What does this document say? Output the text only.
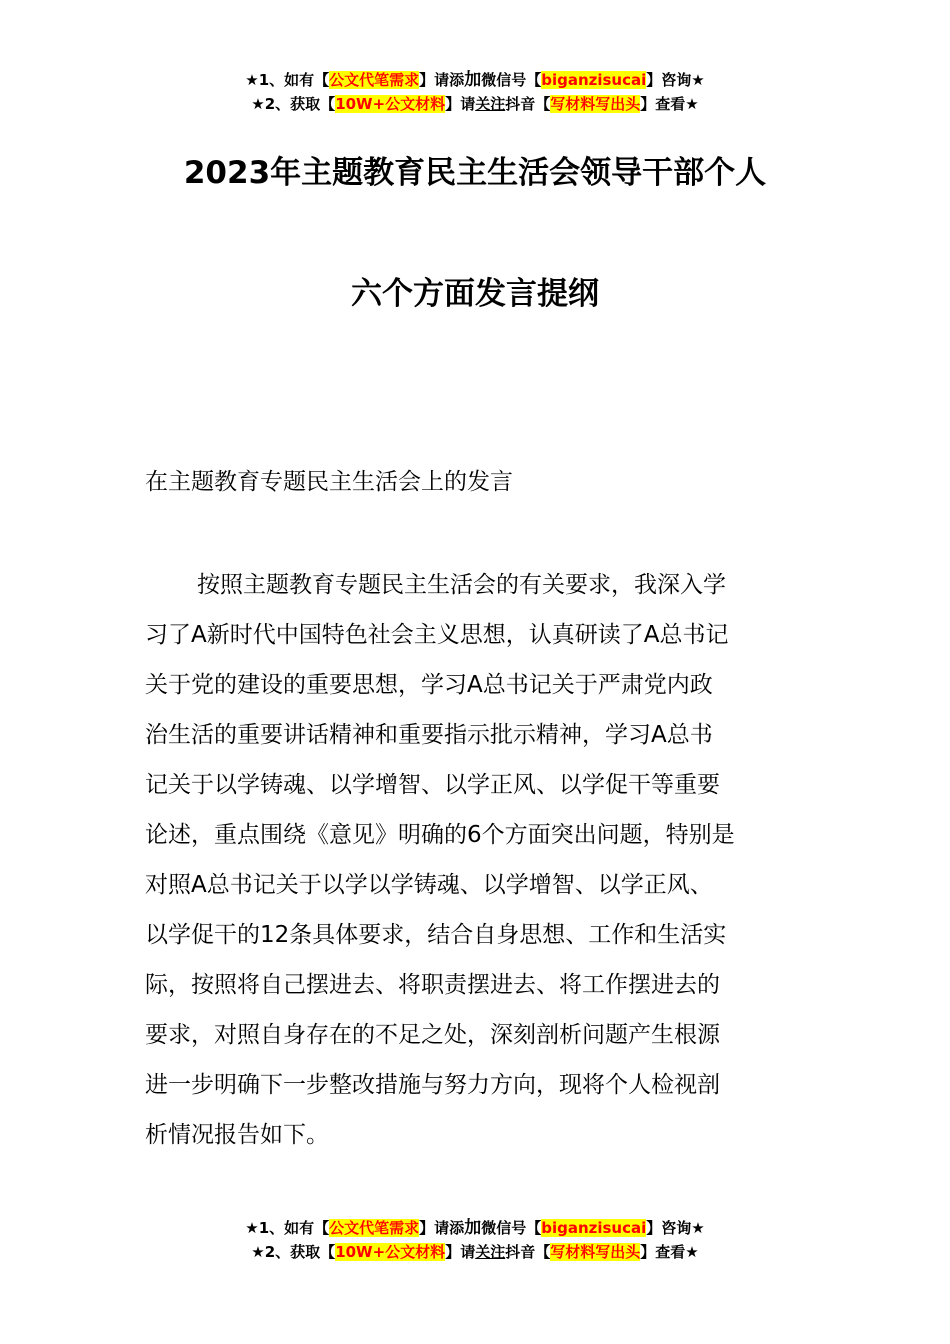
★1、如有【公文代笔需求】请添加微信号【biganzisucai】咨询★
★2、获取【10W+公文材料】请关注抖音【写材料写出头】查看★
2023年主题教育民主生活会领导干部个人
六个方面发言提纲
在主题教育专题民主生活会上的发言
按照主题教育专题民主生活会的有关要求，我深入学
习了A新时代中国特色社会主义思想，认真研读了A总书记
关于党的建设的重要思想，学习A总书记关于严肃党内政
治生活的重要讲话精神和重要指示批示精神，学习A总书
记关于以学铸魂、以学增智、以学正风、以学促干等重要
论述，重点围绕《意见》明确的6个方面突出问题，特别是
对照A总书记关于以学以学铸魂、以学增智、以学正风、
以学促干的12条具体要求，结合自身思想、工作和生活实
际，按照将自己摆进去、将职责摆进去、将工作摆进去的
要求，对照自身存在的不足之处，深刻剖析问题产生根源
进一步明确下一步整改措施与努力方向，现将个人检视剖
析情况报告如下。
★1、如有【公文代笔需求】请添加微信号【biganzisucai】咨询★
★2、获取【10W+公文材料】请关注抖音【写材料写出头】查看★
